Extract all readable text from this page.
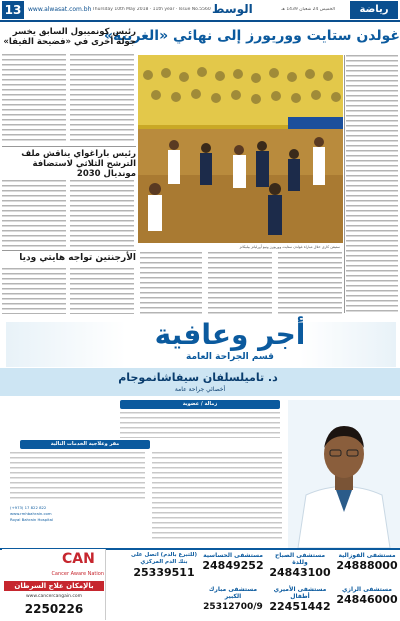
13	www.alwasat.com.bh Thursday 10th May 2018 · 11th year · Issue No.5560 الوسط	الخميس 24 شعبان 1439 هـ	رياضة
غولدن ستايت ووريورز إلى نهائي «الغربية»
ستيفن كاري خلال مباراة غولدن ستايت ووريورز ونيو أورليانز بيليكانز
رئيس كونميبول السابق يخسر جولة أخرى في «فضيحة الفيفا»
رئيس باراغواي يناقش ملف الترشح الثلاثي لاستضافة مونديال 2030
الأرجنتين تواجه هايتي وديا
أجر وعافية
قسم الجراحة العامة
د. تاميلسلفان سيفاشانموجام
أخصائي جراحة عامة
زمالة / عضوية
مقر وعلاجية الخدمات التالية
(+973) 17 822 822
www.rmhbahrain.com
Royal Bahrain Hospital
مستشفى الفوزالية
24888000
مستشفى الصباح وللدة
24843100
مستشفى الحساسية
24849252
(للتبرع بالدم) اتصل على بنك الدم المركزي
25339511
مستشفى الرازي
24846000
مستشفى الأميري أطفال
22451442
مستشفى مبارك الكبير
25312700/9
CAN
Cancer Aware Nation
بالإمكان علاج السرطان
www.cancercangain.com
2250226
